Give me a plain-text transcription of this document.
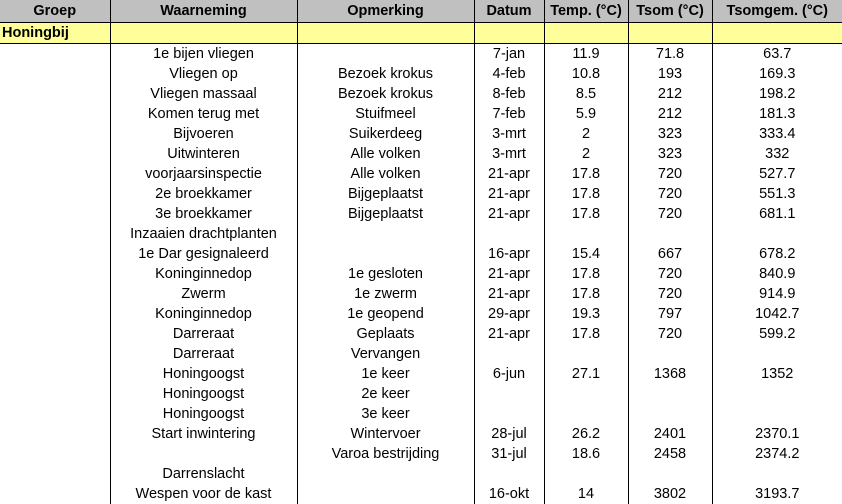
Groep	Waarneming	Opmerking	Datum	Temp. (°C)	Tsom (°C)	Tsomgem. (°C)
Honingbij						
	1e bijen vliegen		7-jan	11.9	71.8	63.7
	Vliegen op	Bezoek krokus	4-feb	10.8	193	169.3
	Vliegen massaal	Bezoek krokus	8-feb	8.5	212	198.2
	Komen terug met	Stuifmeel	7-feb	5.9	212	181.3
	Bijvoeren	Suikerdeeg	3-mrt	2	323	333.4
	Uitwinteren	Alle volken	3-mrt	2	323	332
	voorjaarsinspectie	Alle volken	21-apr	17.8	720	527.7
	2e broekkamer	Bijgeplaatst	21-apr	17.8	720	551.3
	3e broekkamer	Bijgeplaatst	21-apr	17.8	720	681.1
	Inzaaien drachtplanten					
	1e Dar gesignaleerd		16-apr	15.4	667	678.2
	Koninginnedop	1e gesloten	21-apr	17.8	720	840.9
	Zwerm	1e zwerm	21-apr	17.8	720	914.9
	Koninginnedop	1e geopend	29-apr	19.3	797	1042.7
	Darreraat	Geplaats	21-apr	17.8	720	599.2
	Darreraat	Vervangen				
	Honingoogst	1e keer	6-jun	27.1	1368	1352
	Honingoogst	2e keer				
	Honingoogst	3e keer				
	Start inwintering	Wintervoer	28-jul	26.2	2401	2370.1
		Varoa bestrijding	31-jul	18.6	2458	2374.2
	Darrenslacht					
	Wespen voor de kast		16-okt	14	3802	3193.7
